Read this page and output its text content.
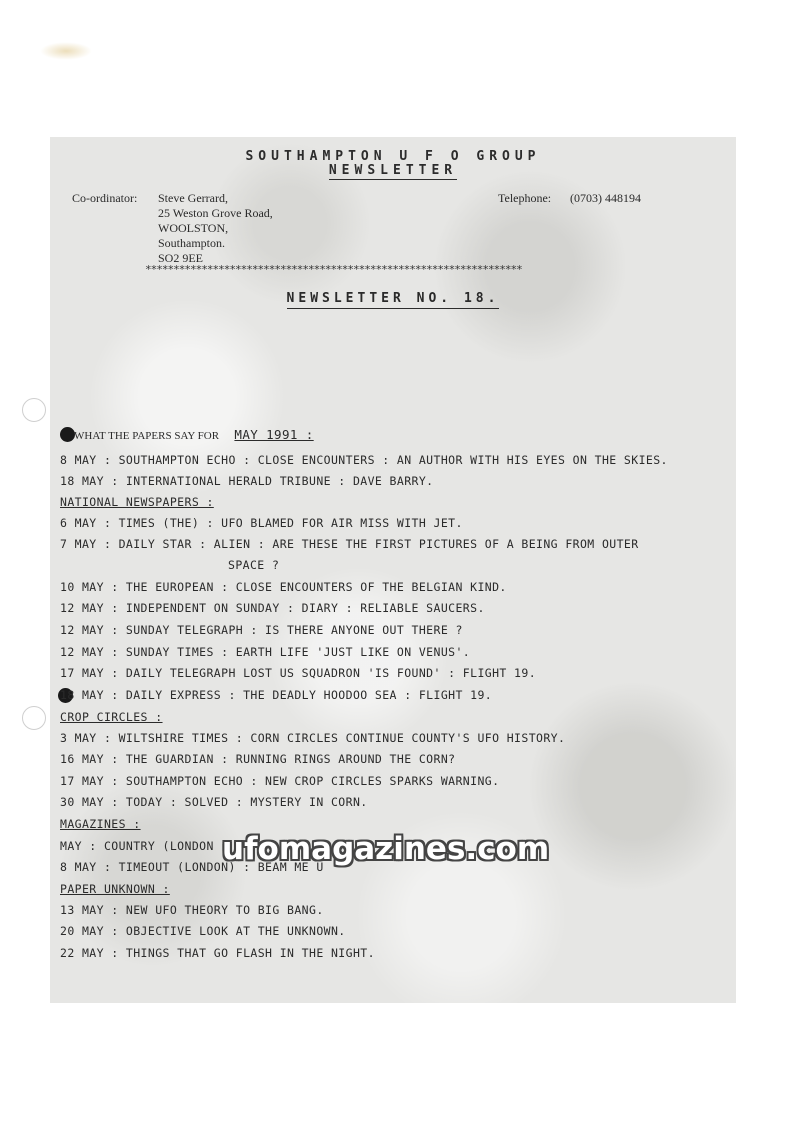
SOUTHAMPTON U F O GROUP
NEWSLETTER
Co-ordinator: Steve Gerrard,
25 Weston Grove Road,
WOOLSTON,
Southampton.
SO2 9EE
Telephone: (0703) 448194
*******************************************************************
NEWSLETTER NO. 18.
WHAT THE PAPERS SAY FOR MAY 1991 :
8 MAY : SOUTHAMPTON ECHO : CLOSE ENCOUNTERS : AN AUTHOR WITH HIS EYES ON THE SKIES.
18 MAY : INTERNATIONAL HERALD TRIBUNE : DAVE BARRY.
NATIONAL NEWSPAPERS :
6 MAY : TIMES (THE) : UFO BLAMED FOR AIR MISS WITH JET.
7 MAY : DAILY STAR : ALIEN : ARE THESE THE FIRST PICTURES OF A BEING FROM OUTER
SPACE ?
10 MAY : THE EUROPEAN : CLOSE ENCOUNTERS OF THE BELGIAN KIND.
12 MAY : INDEPENDENT ON SUNDAY : DIARY : RELIABLE SAUCERS.
12 MAY : SUNDAY TELEGRAPH : IS THERE ANYONE OUT THERE ?
12 MAY : SUNDAY TIMES : EARTH LIFE 'JUST LIKE ON VENUS'.
17 MAY : DAILY TELEGRAPH LOST US SQUADRON 'IS FOUND' : FLIGHT 19.
18 MAY : DAILY EXPRESS : THE DEADLY HOODOO SEA : FLIGHT 19.
CROP CIRCLES :
3 MAY : WILTSHIRE TIMES : CORN CIRCLES CONTINUE COUNTY'S UFO HISTORY.
16 MAY : THE GUARDIAN : RUNNING RINGS AROUND THE CORN?
17 MAY : SOUTHAMPTON ECHO : NEW CROP CIRCLES SPARKS WARNING.
30 MAY : TODAY : SOLVED : MYSTERY IN CORN.
MAGAZINES :
MAY : COUNTRY (LONDON
8 MAY : TIMEOUT (LONDON) : BEAM ME U
PAPER UNKNOWN :
13 MAY : NEW UFO THEORY TO BIG BANG.
20 MAY : OBJECTIVE LOOK AT THE UNKNOWN.
22 MAY : THINGS THAT GO FLASH IN THE NIGHT.
ufomagazines.com
